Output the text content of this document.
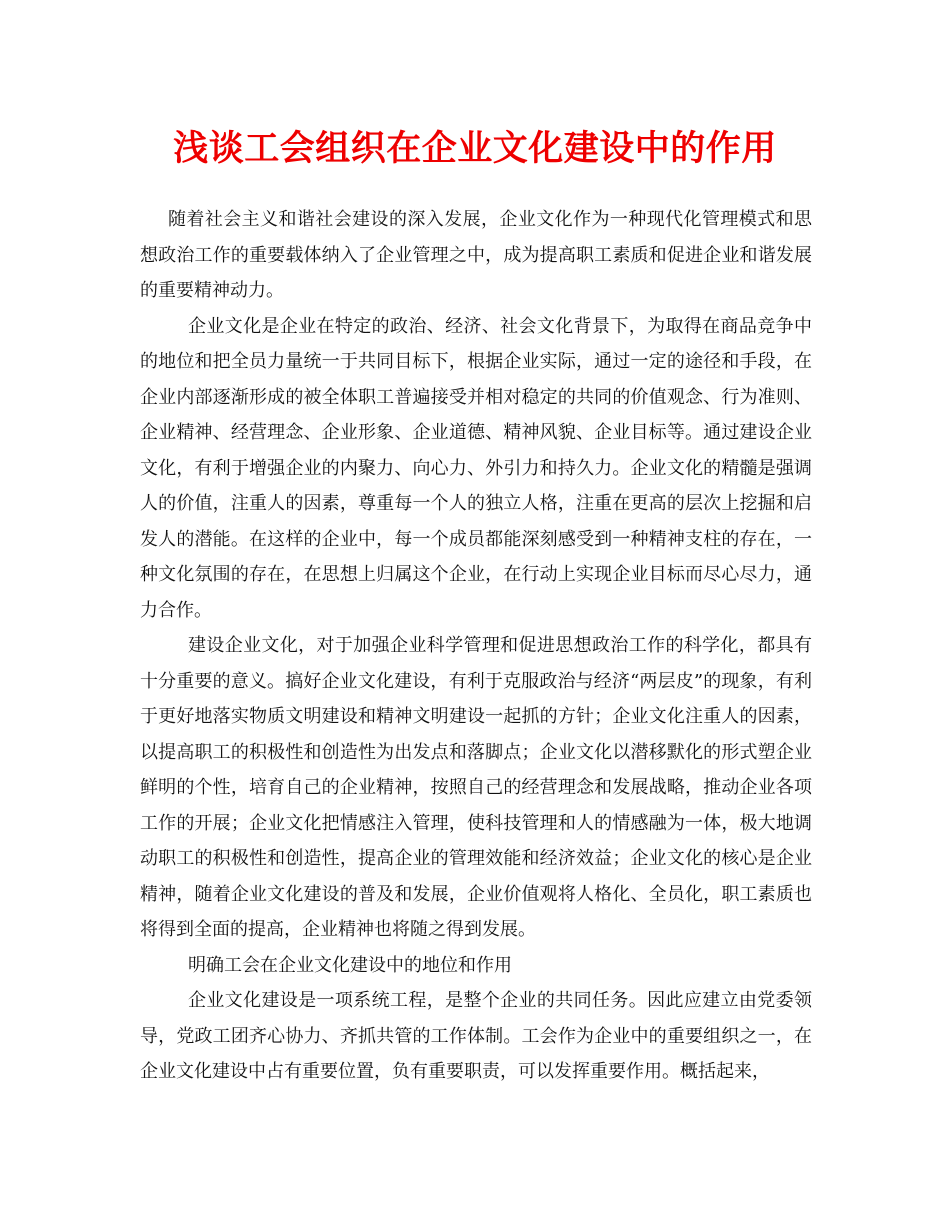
浅谈工会组织在企业文化建设中的作用

随着社会主义和谐社会建设的深入发展，企业文化作为一种现代化管理模式和思想政治工作的重要载体纳入了企业管理之中，成为提高职工素质和促进企业和谐发展的重要精神动力。

企业文化是企业在特定的政治、经济、社会文化背景下，为取得在商品竞争中的地位和把全员力量统一于共同目标下，根据企业实际，通过一定的途径和手段，在企业内部逐渐形成的被全体职工普遍接受并相对稳定的共同的价值观念、行为准则、企业精神、经营理念、企业形象、企业道德、精神风貌、企业目标等。通过建设企业文化，有利于增强企业的内聚力、向心力、外引力和持久力。企业文化的精髓是强调人的价值，注重人的因素，尊重每一个人的独立人格，注重在更高的层次上挖掘和启发人的潜能。在这样的企业中，每一个成员都能深刻感受到一种精神支柱的存在，一种文化氛围的存在，在思想上归属这个企业，在行动上实现企业目标而尽心尽力，通力合作。

建设企业文化，对于加强企业科学管理和促进思想政治工作的科学化，都具有十分重要的意义。搞好企业文化建设，有利于克服政治与经济“两层皮”的现象，有利于更好地落实物质文明建设和精神文明建设一起抓的方针；企业文化注重人的因素，以提高职工的积极性和创造性为出发点和落脚点；企业文化以潜移默化的形式塑企业鲜明的个性，培育自己的企业精神，按照自己的经营理念和发展战略，推动企业各项工作的开展；企业文化把情感注入管理，使科技管理和人的情感融为一体，极大地调动职工的积极性和创造性，提高企业的管理效能和经济效益；企业文化的核心是企业精神，随着企业文化建设的普及和发展，企业价值观将人格化、全员化，职工素质也将得到全面的提高，企业精神也将随之得到发展。

明确工会在企业文化建设中的地位和作用

企业文化建设是一项系统工程，是整个企业的共同任务。因此应建立由党委领导，党政工团齐心协力、齐抓共管的工作体制。工会作为企业中的重要组织之一，在企业文化建设中占有重要位置，负有重要职责，可以发挥重要作用。概括起来，
